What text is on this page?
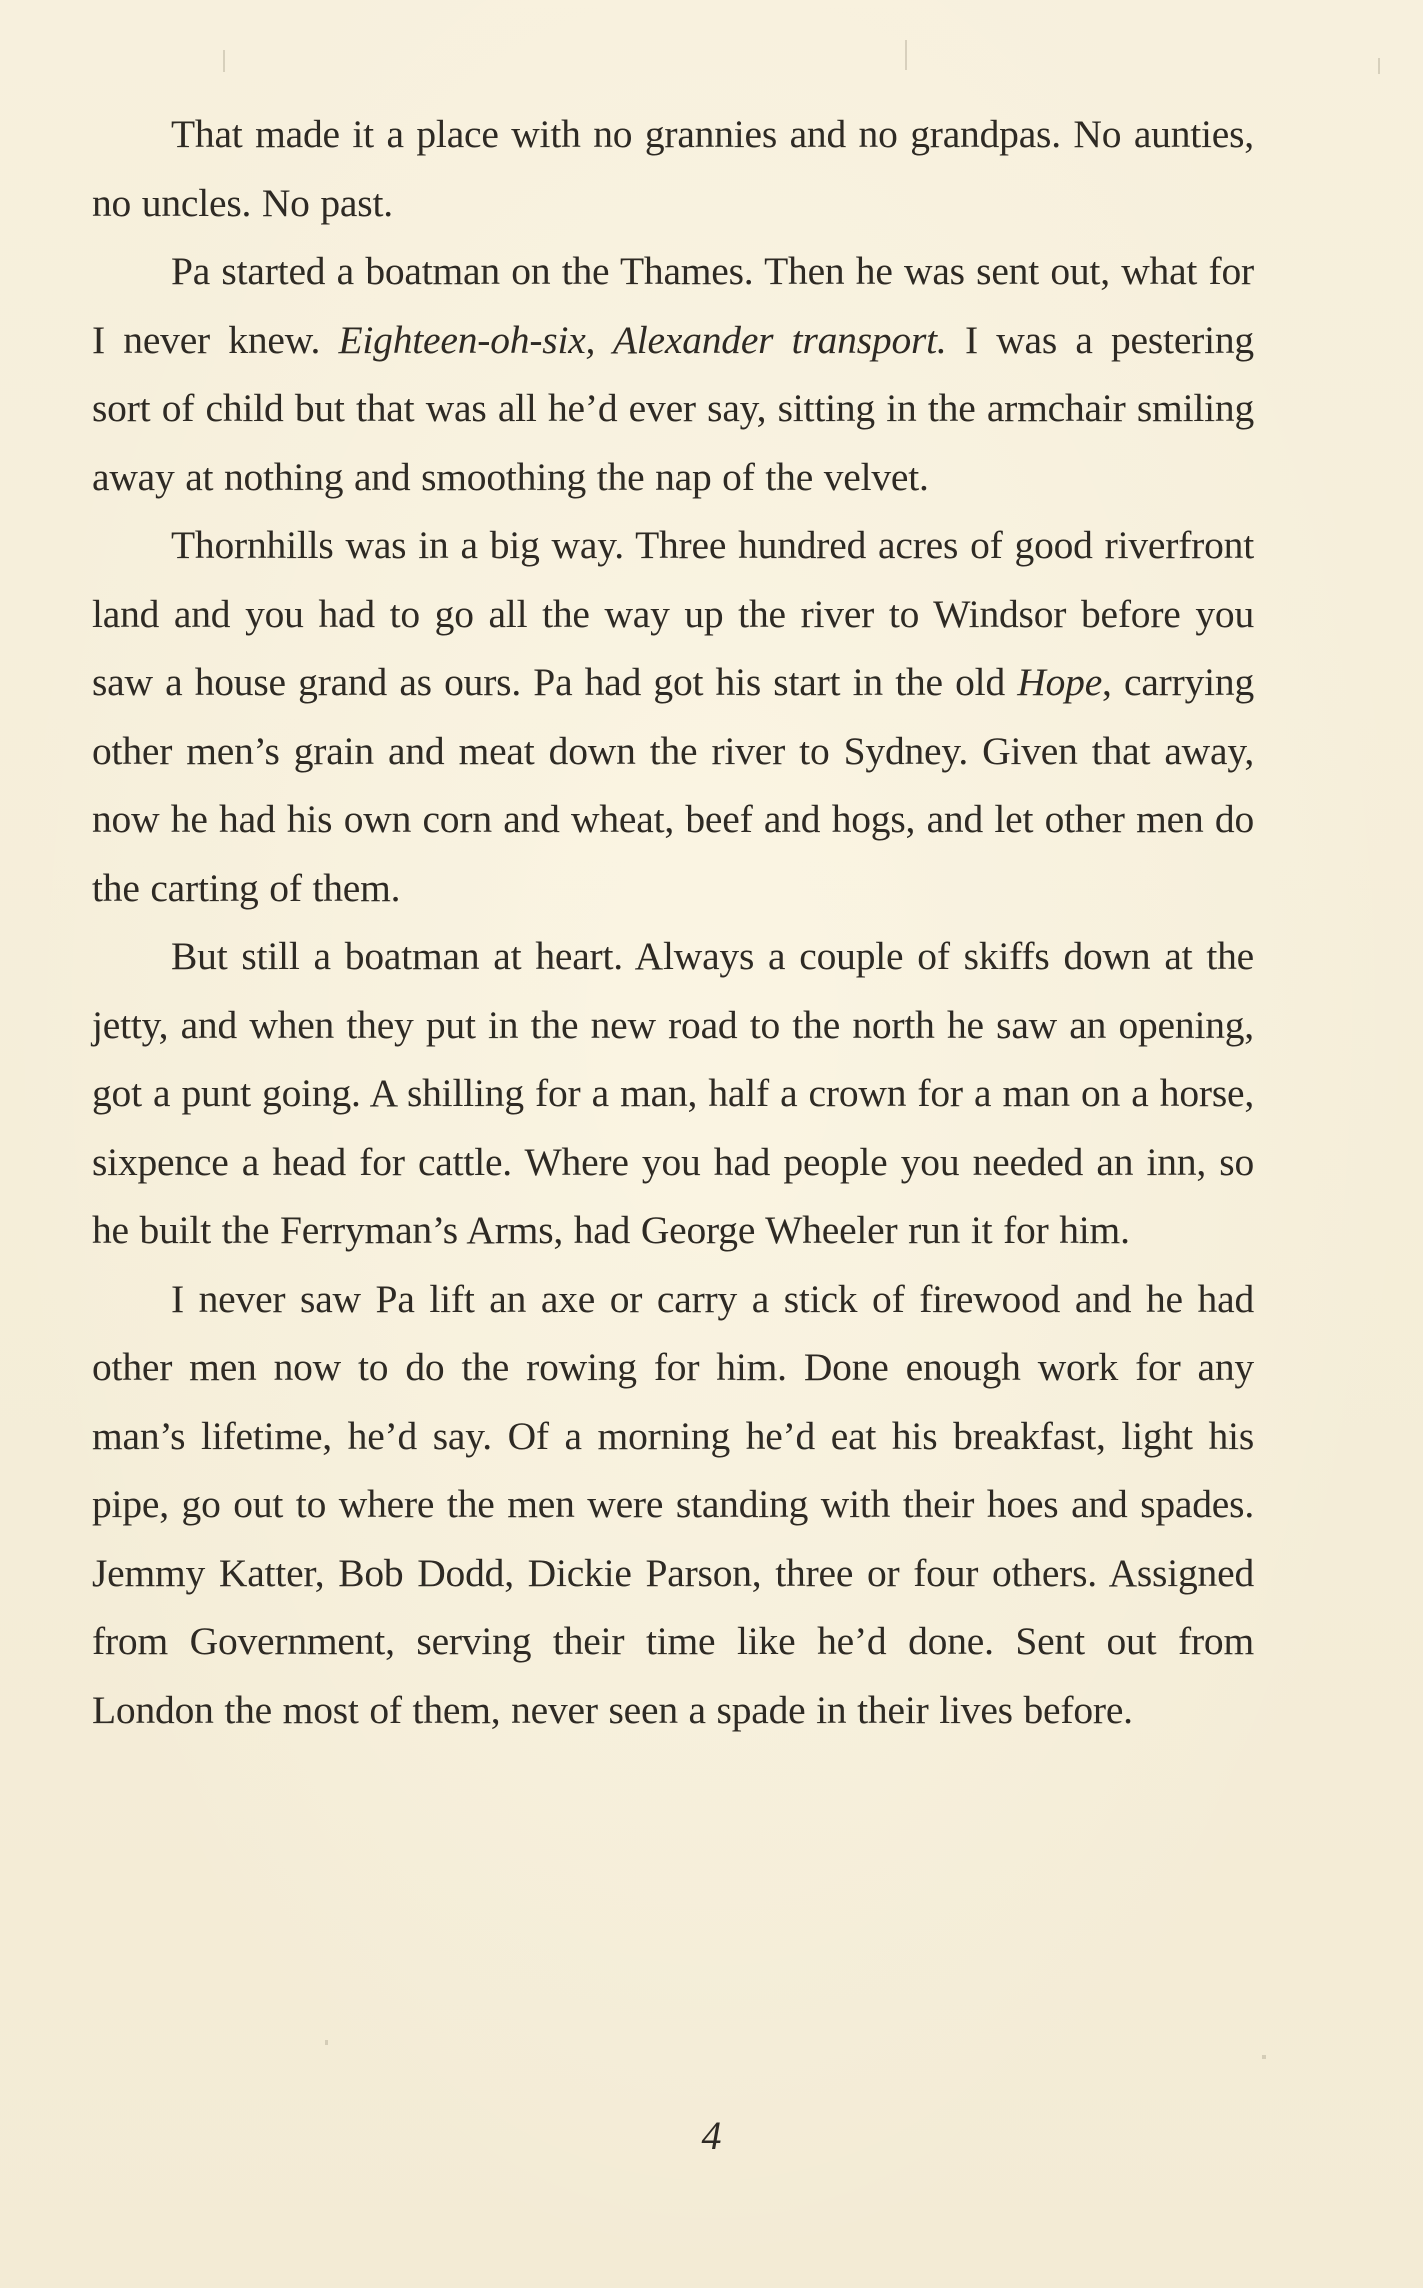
That made it a place with no grannies and no grandpas. No aunties, no uncles. No past.

Pa started a boatman on the Thames. Then he was sent out, what for I never knew. Eighteen-oh-six, Alexander transport. I was a pestering sort of child but that was all he’d ever say, sitting in the armchair smiling away at nothing and smoothing the nap of the velvet.

Thornhills was in a big way. Three hundred acres of good riverfront land and you had to go all the way up the river to Windsor before you saw a house grand as ours. Pa had got his start in the old Hope, carrying other men’s grain and meat down the river to Sydney. Given that away, now he had his own corn and wheat, beef and hogs, and let other men do the carting of them.

But still a boatman at heart. Always a couple of skiffs down at the jetty, and when they put in the new road to the north he saw an opening, got a punt going. A shilling for a man, half a crown for a man on a horse, sixpence a head for cattle. Where you had people you needed an inn, so he built the Ferryman’s Arms, had George Wheeler run it for him.

I never saw Pa lift an axe or carry a stick of firewood and he had other men now to do the rowing for him. Done enough work for any man’s lifetime, he’d say. Of a morning he’d eat his breakfast, light his pipe, go out to where the men were standing with their hoes and spades. Jemmy Katter, Bob Dodd, Dickie Parson, three or four others. Assigned from Government, serving their time like he’d done. Sent out from London the most of them, never seen a spade in their lives before.

4
